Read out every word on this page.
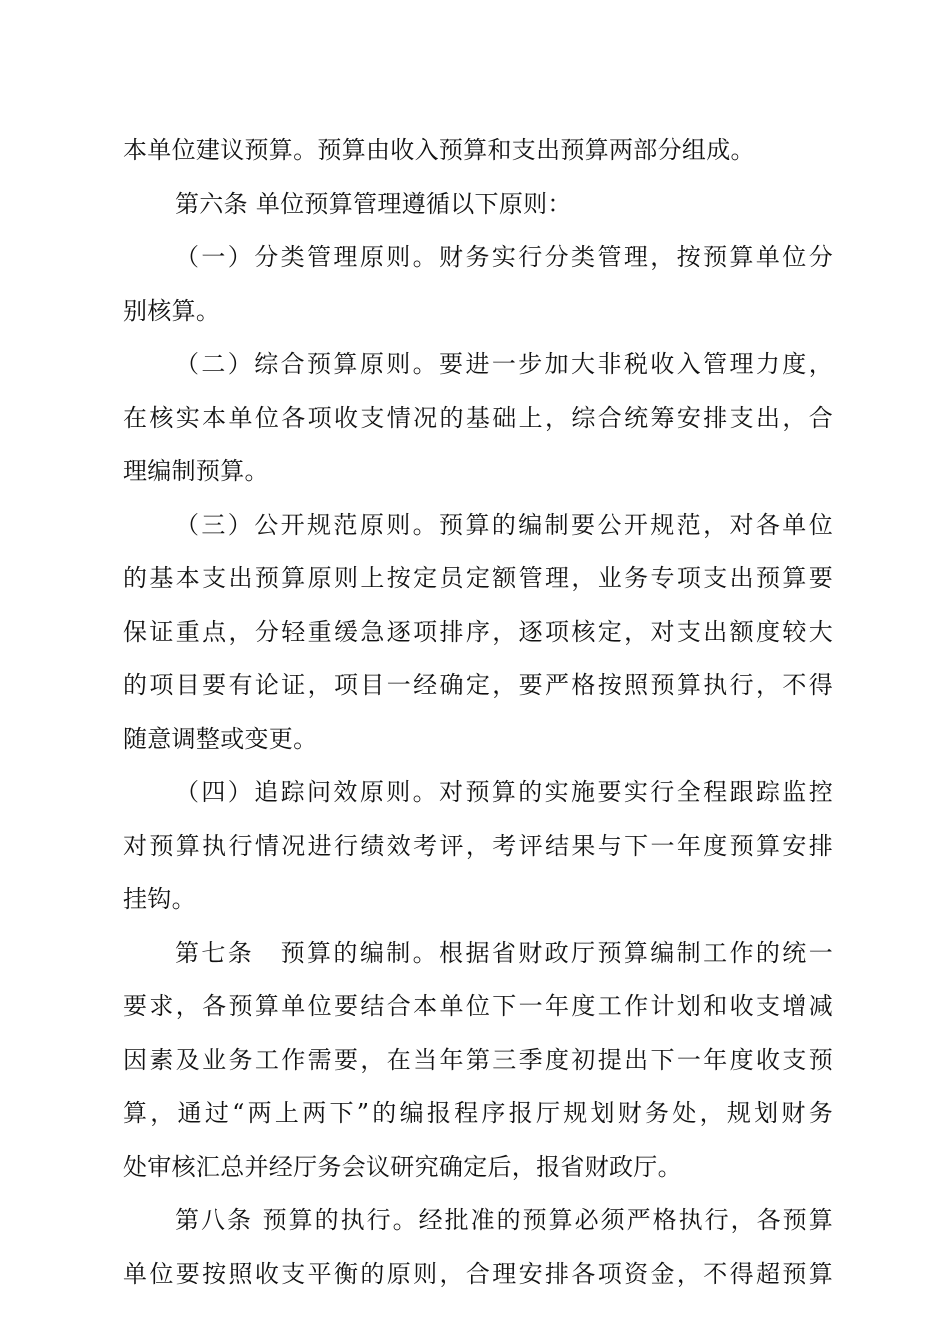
本单位建议预算。预算由收入预算和支出预算两部分组成。
第六条 单位预算管理遵循以下原则：
（一）分类管理原则。财务实行分类管理，按预算单位分
别核算。
（二）综合预算原则。要进一步加大非税收入管理力度，
在核实本单位各项收支情况的基础上，综合统筹安排支出，合
理编制预算。
（三）公开规范原则。预算的编制要公开规范，对各单位
的基本支出预算原则上按定员定额管理，业务专项支出预算要
保证重点，分轻重缓急逐项排序，逐项核定，对支出额度较大
的项目要有论证，项目一经确定，要严格按照预算执行，不得
随意调整或变更。
（四）追踪问效原则。对预算的实施要实行全程跟踪监控
对预算执行情况进行绩效考评，考评结果与下一年度预算安排
挂钩。
第七条　预算的编制。根据省财政厅预算编制工作的统一
要求，各预算单位要结合本单位下一年度工作计划和收支增减
因素及业务工作需要，在当年第三季度初提出下一年度收支预
算，通过“两上两下”的编报程序报厅规划财务处，规划财务
处审核汇总并经厅务会议研究确定后，报省财政厅。
第八条 预算的执行。经批准的预算必须严格执行，各预算
单位要按照收支平衡的原则，合理安排各项资金，不得超预算
